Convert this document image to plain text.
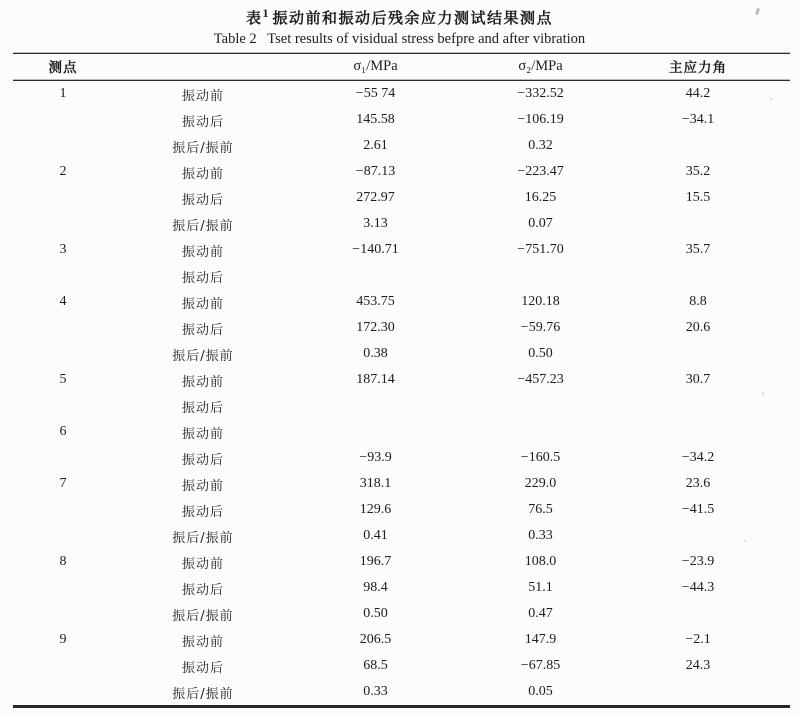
表$^1$ 振动前和振动后残余应力测试结果测点
Table 2   Tset results of visidual stress befpre and after vibration
测点	σ₁/MPa	σ₂/MPa	主应力角
1	振动前	−55 74	−332.52	44.2
振动后	145.58	−106.19	−34.1
振后/振前	2.61	0.32
2	振动前	−87.13	−223.47	35.2
振动后	272.97	16.25	15.5
振后/振前	3.13	0.07
3	振动前	−140.71	−751.70	35.7
振动后
4	振动前	453.75	120.18	8.8
振动后	172.30	−59.76	20.6
振后/振前	0.38	0.50
5	振动前	187.14	−457.23	30.7
振动后
6	振动前
振动后	−93.9	−160.5	−34.2
7	振动前	318.1	229.0	23.6
振动后	129.6	76.5	−41.5
振后/振前	0.41	0.33
8	振动前	196.7	108.0	−23.9
振动后	98.4	51.1	−44.3
振后/振前	0.50	0.47
9	振动前	206.5	147.9	−2.1
振动后	68.5	−67.85	24.3
振后/振前	0.33	0.05
